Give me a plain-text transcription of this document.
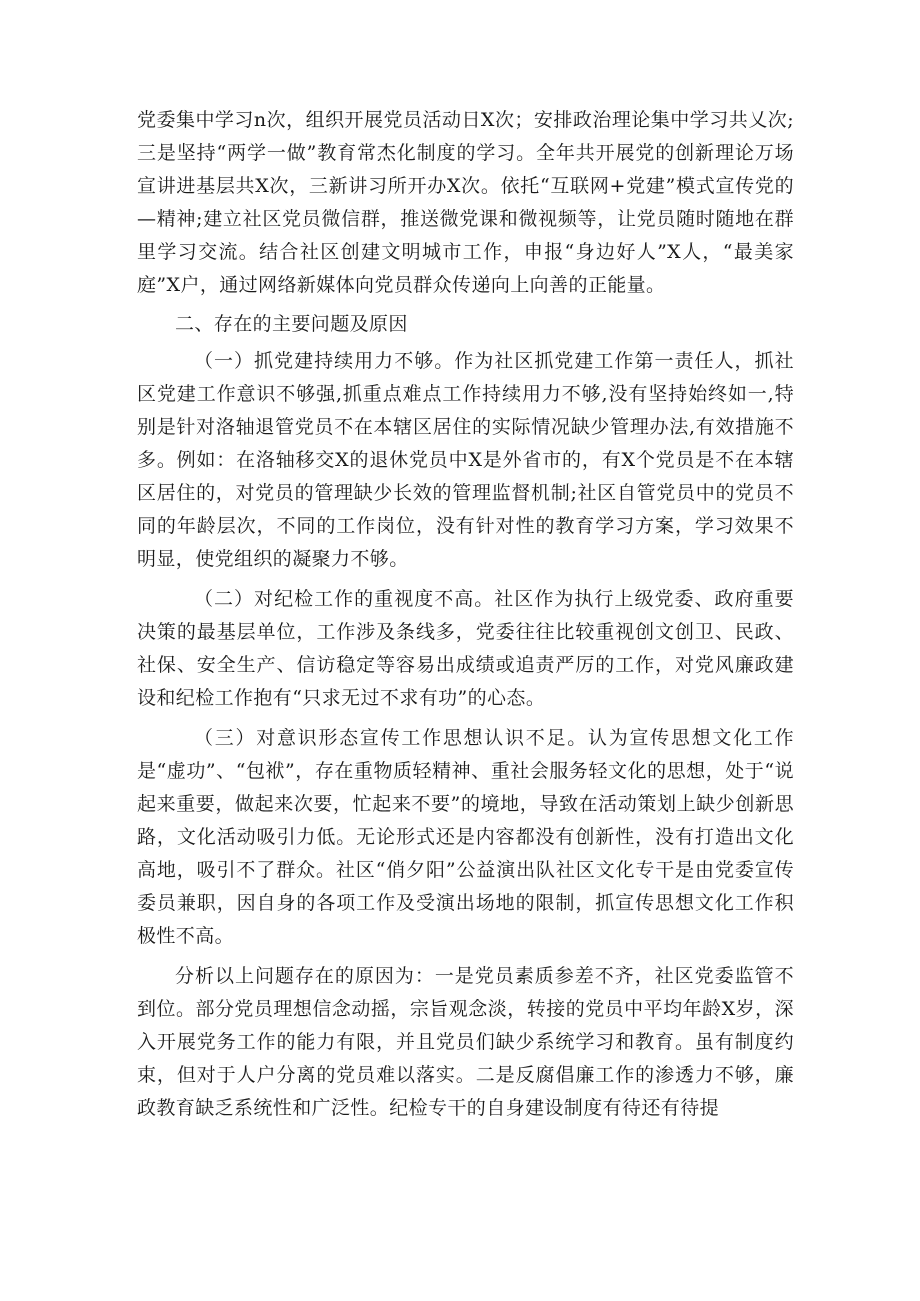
党委集中学习n次，组织开展党员活动日X次；安排政治理论集中学习共乂次;三是坚持“两学一做”教育常杰化制度的学习。全年共开展党的创新理论万场宣讲进基层共X次，三新讲习所开办X次。依托“互联网+党建”模式宣传党的—精神;建立社区党员微信群，推送微党课和微视频等，让党员随时随地在群里学习交流。结合社区创建文明城市工作，申报“身边好人”X人，“最美家庭”X户，通过网络新媒体向党员群众传递向上向善的正能量。

二、存在的主要问题及原因

（一）抓党建持续用力不够。作为社区抓党建工作第一责任人，抓社区党建工作意识不够强,抓重点难点工作持续用力不够,没有坚持始终如一,特别是针对洛轴退管党员不在本辖区居住的实际情况缺少管理办法,有效措施不多。例如：在洛轴移交X的退休党员中X是外省市的，有X个党员是不在本辖区居住的，对党员的管理缺少长效的管理监督机制;社区自管党员中的党员不同的年龄层次，不同的工作岗位，没有针对性的教育学习方案，学习效果不明显，使党组织的凝聚力不够。

（二）对纪检工作的重视度不高。社区作为执行上级党委、政府重要决策的最基层单位，工作涉及条线多，党委往往比较重视创文创卫、民政、社保、安全生产、信访稳定等容易出成绩或追责严厉的工作，对党风廉政建设和纪检工作抱有“只求无过不求有功”的心态。

（三）对意识形态宣传工作思想认识不足。认为宣传思想文化工作是“虚功”、“包袱”，存在重物质轻精神、重社会服务轻文化的思想，处于“说起来重要，做起来次要，忙起来不要”的境地，导致在活动策划上缺少创新思路，文化活动吸引力低。无论形式还是内容都没有创新性，没有打造出文化高地，吸引不了群众。社区“俏夕阳”公益演出队社区文化专干是由党委宣传委员兼职，因自身的各项工作及受演出场地的限制，抓宣传思想文化工作积极性不高。

分析以上问题存在的原因为：一是党员素质参差不齐，社区党委监管不到位。部分党员理想信念动摇，宗旨观念淡，转接的党员中平均年龄X岁，深入开展党务工作的能力有限，并且党员们缺少系统学习和教育。虽有制度约束，但对于人户分离的党员难以落实。二是反腐倡廉工作的渗透力不够，廉政教育缺乏系统性和广泛性。纪检专干的自身建设制度有待还有待提
